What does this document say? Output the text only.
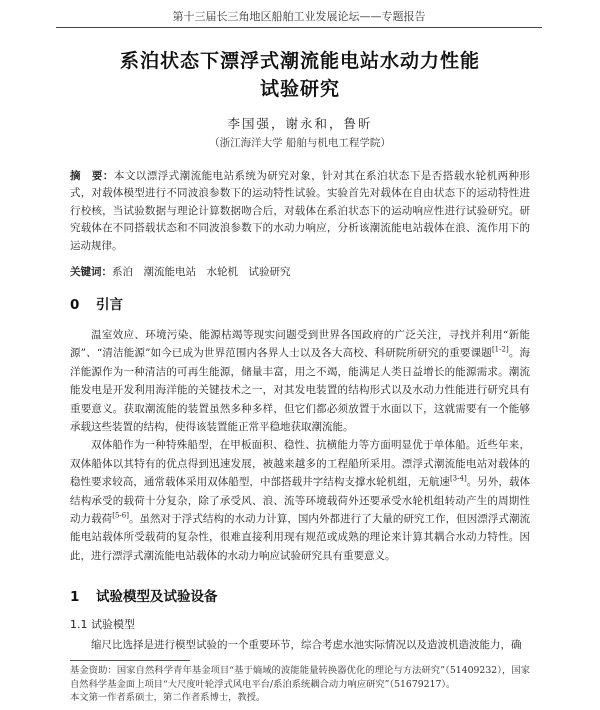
第十三届长三角地区船舶工业发展论坛——专题报告
系泊状态下漂浮式潮流能电站水动力性能
试验研究
李国强，谢永和，鲁昕
（浙江海洋大学 船舶与机电工程学院）
摘　要：本文以漂浮式潮流能电站系统为研究对象，针对其在系泊状态下是否搭载水轮机两种形式，对载体模型进行不同波浪参数下的运动特性试验。实验首先对载体在自由状态下的运动特性进行校核，当试验数据与理论计算数据吻合后，对载体在系泊状态下的运动响应性进行试验研究。研究载体在不同搭载状态和不同波浪参数下的水动力响应，分析该潮流能电站载体在浪、流作用下的运动规律。
关键词：系泊　潮流能电站　水轮机　试验研究
0 引言

温室效应、环境污染、能源枯竭等现实问题受到世界各国政府的广泛关注，寻找并利用“新能源”、“清洁能源”如今已成为世界范围内各界人士以及各大高校、科研院所研究的重要课题[1-2]。海洋能源作为一种清洁的可再生能源，储量丰富，用之不竭，能满足人类日益增长的能源需求。潮流能发电是开发利用海洋能的关键技术之一，对其发电装置的结构形式以及水动力性能进行研究具有重要意义。获取潮流能的装置虽然多种多样，但它们都必须放置于水面以下，这就需要有一个能够承载这些装置的结构，使得该装置能正常平稳地获取潮流能。

双体船作为一种特殊船型，在甲板面积、稳性、抗横能力等方面明显优于单体船。近些年来，双体船体以其特有的优点得到迅速发展，被越来越多的工程船所采用。漂浮式潮流能电站对载体的稳性要求较高，通常载体采用双体船型，中部搭载井字结构支撑水轮机组，无航速[3-4]。另外，载体结构承受的载荷十分复杂，除了承受风、浪、流等环境载荷外还要承受水轮机组转动产生的周期性动力载荷[5-6]。虽然对于浮式结构的水动力计算，国内外都进行了大量的研究工作，但因漂浮式潮流能电站载体所受载荷的复杂性，很难直接利用现有规范或成熟的理论来计算其耦合水动力特性。因此，进行漂浮式潮流能电站载体的水动力响应试验研究具有重要意义。

1 试验模型及试验设备
1.1 试验模型

缩尺比选择是进行模型试验的一个重要环节，综合考虑水池实际情况以及造波机造波能力，确

基金资助：国家自然科学青年基金项目“基于熵域的波能能量转换器优化的理论与方法研究”（51409232），国家自然科学基金面上项目“大尺度叶轮浮式风电平台/系泊系统耦合动力响应研究”（51679217）。
本文第一作者系硕士，第二作者系博士，教授。
